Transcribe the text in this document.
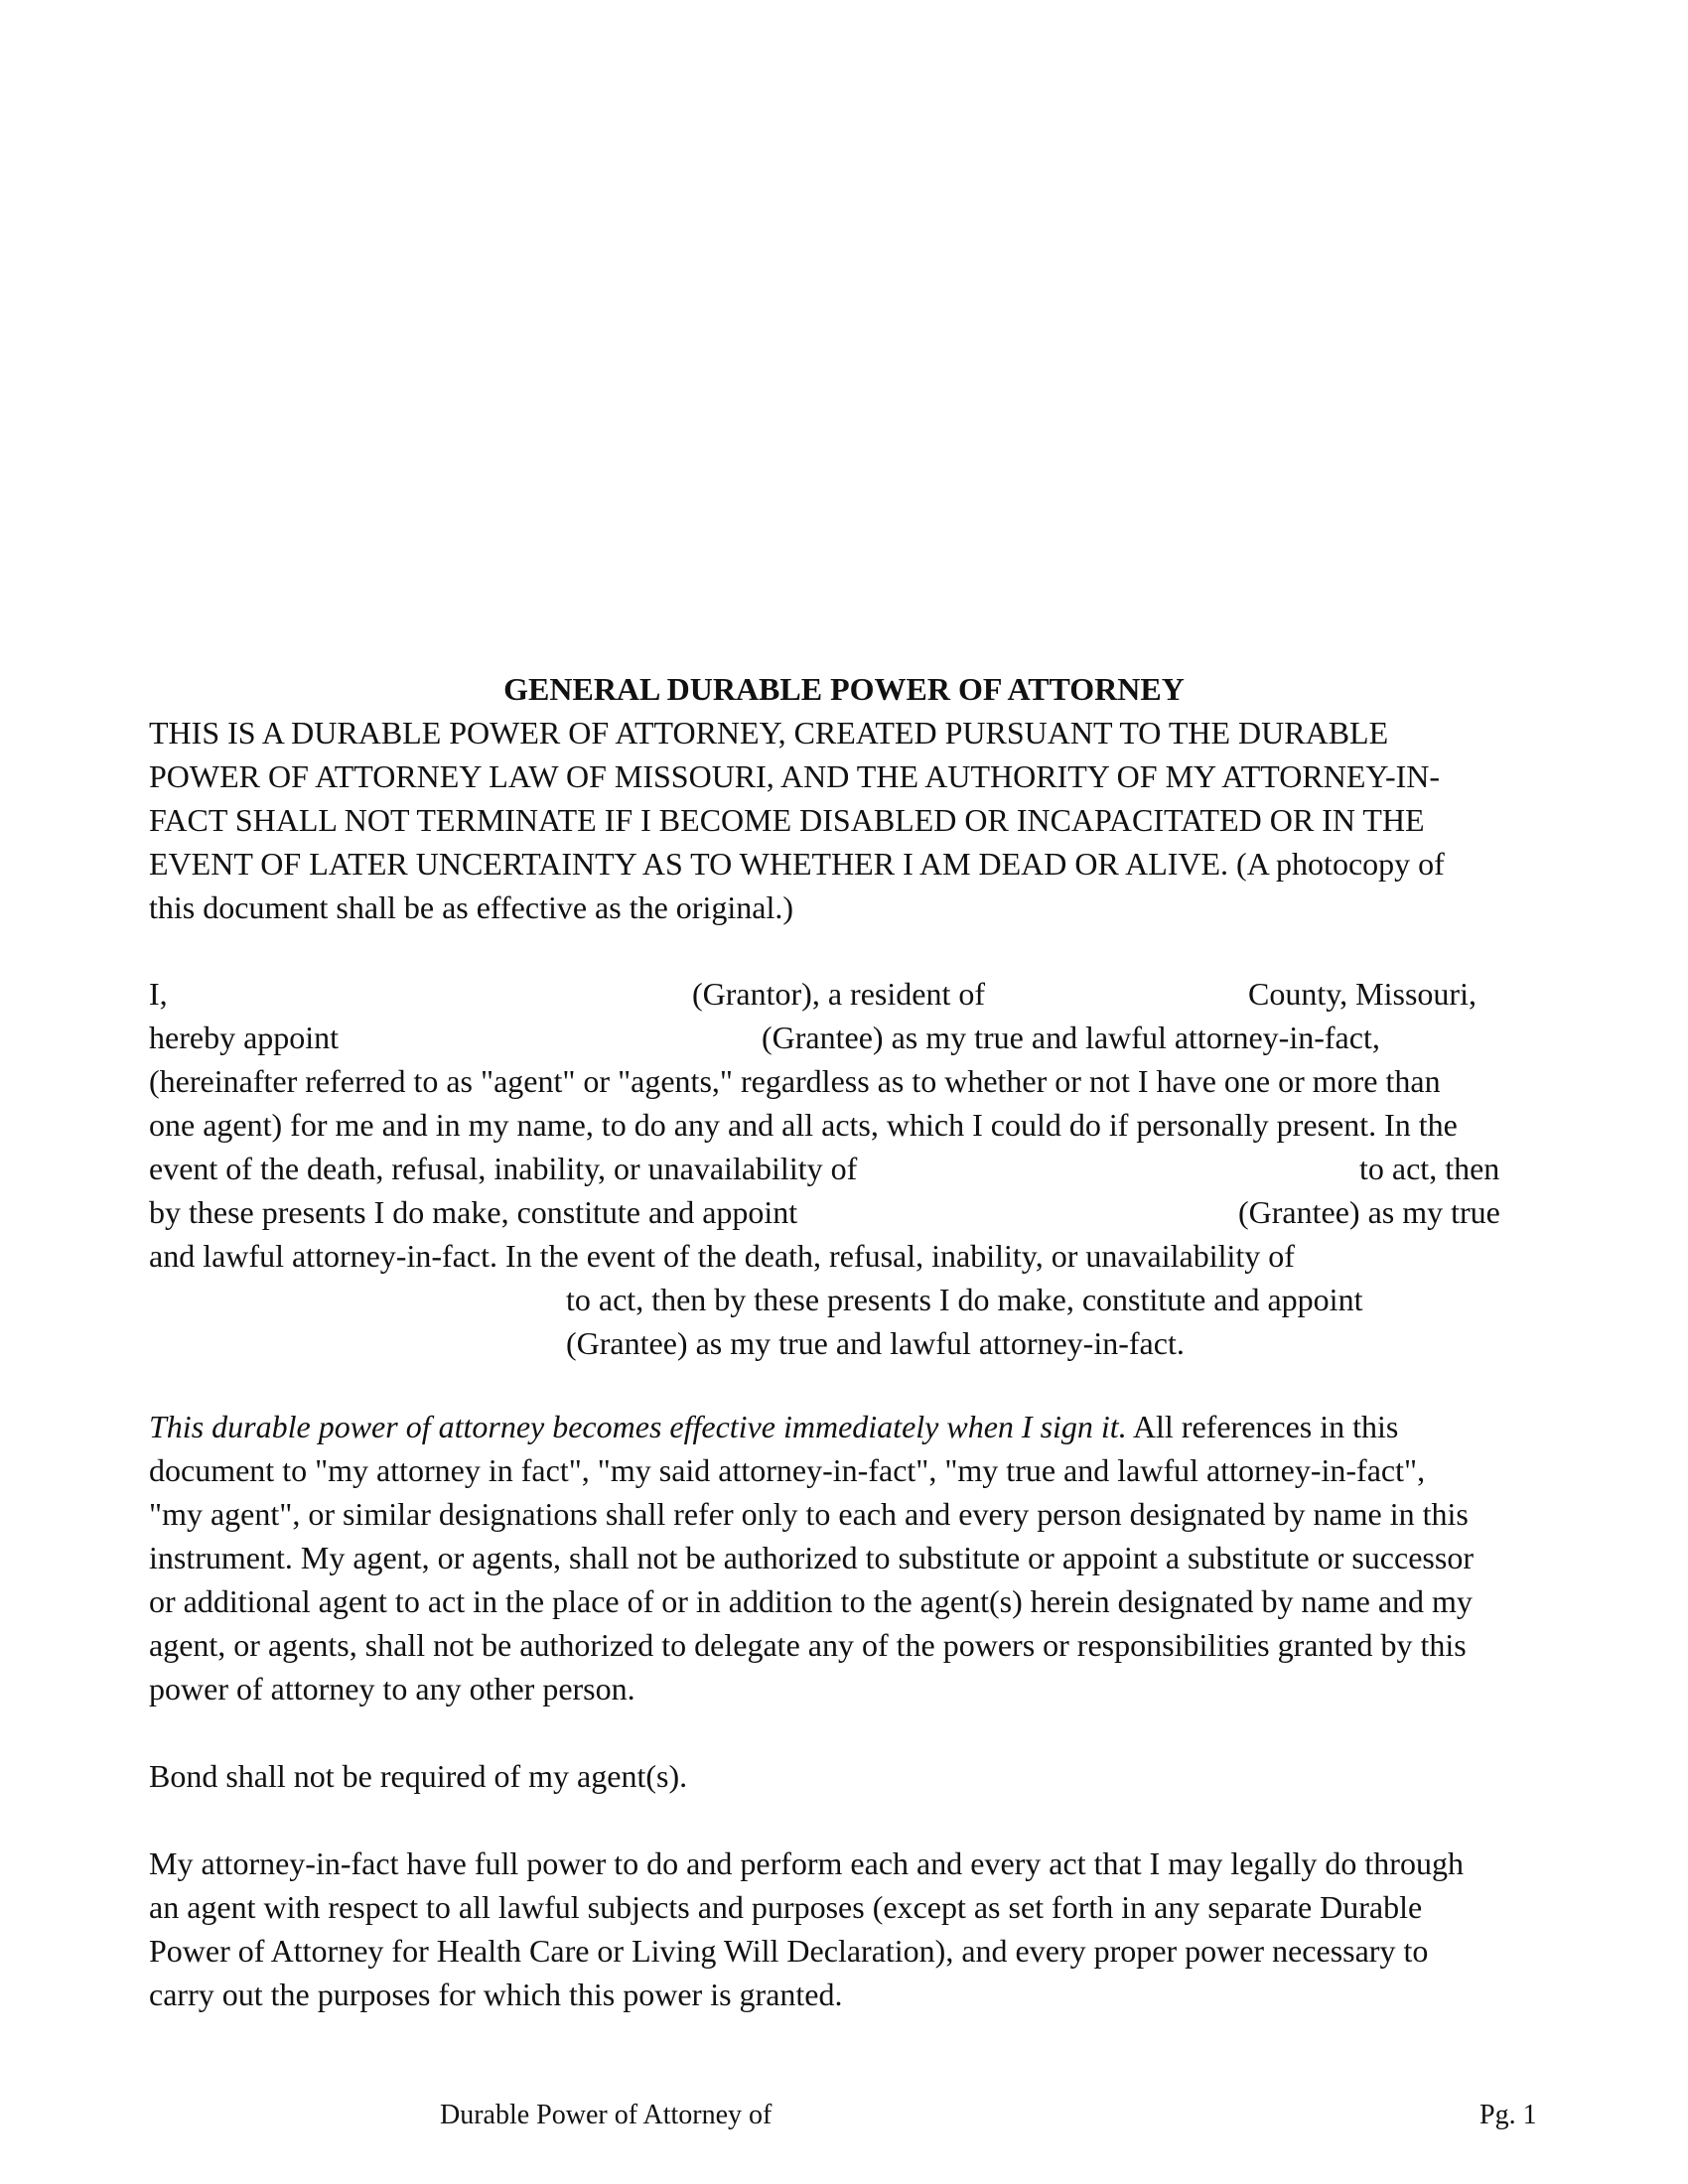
GENERAL DURABLE POWER OF ATTORNEY
THIS IS A DURABLE POWER OF ATTORNEY, CREATED PURSUANT TO THE DURABLE
POWER OF ATTORNEY LAW OF MISSOURI, AND THE AUTHORITY OF MY ATTORNEY-IN-
FACT SHALL NOT TERMINATE IF I BECOME DISABLED OR INCAPACITATED OR IN THE
EVENT OF LATER UNCERTAINTY AS TO WHETHER I AM DEAD OR ALIVE. (A photocopy of
this document shall be as effective as the original.)
I,	(Grantor), a resident of	County, Missouri,
hereby appoint	(Grantee) as my true and lawful attorney-in-fact,
(hereinafter referred to as "agent" or "agents," regardless as to whether or not I have one or more than
one agent) for me and in my name, to do any and all acts, which I could do if personally present. In the
event of the death, refusal, inability, or unavailability of	to act, then
by these presents I do make, constitute and appoint	(Grantee) as my true
and lawful attorney-in-fact. In the event of the death, refusal, inability, or unavailability of
to act, then by these presents I do make, constitute and appoint
(Grantee) as my true and lawful attorney-in-fact.
This durable power of attorney becomes effective immediately when I sign it. All references in this
document to "my attorney in fact", "my said attorney-in-fact", "my true and lawful attorney-in-fact",
"my agent", or similar designations shall refer only to each and every person designated by name in this
instrument. My agent, or agents, shall not be authorized to substitute or appoint a substitute or successor
or additional agent to act in the place of or in addition to the agent(s) herein designated by name and my
agent, or agents, shall not be authorized to delegate any of the powers or responsibilities granted by this
power of attorney to any other person.
Bond shall not be required of my agent(s).
My attorney-in-fact have full power to do and perform each and every act that I may legally do through
an agent with respect to all lawful subjects and purposes (except as set forth in any separate Durable
Power of Attorney for Health Care or Living Will Declaration), and every proper power necessary to
carry out the purposes for which this power is granted.
Durable Power of Attorney of	Pg. 1
